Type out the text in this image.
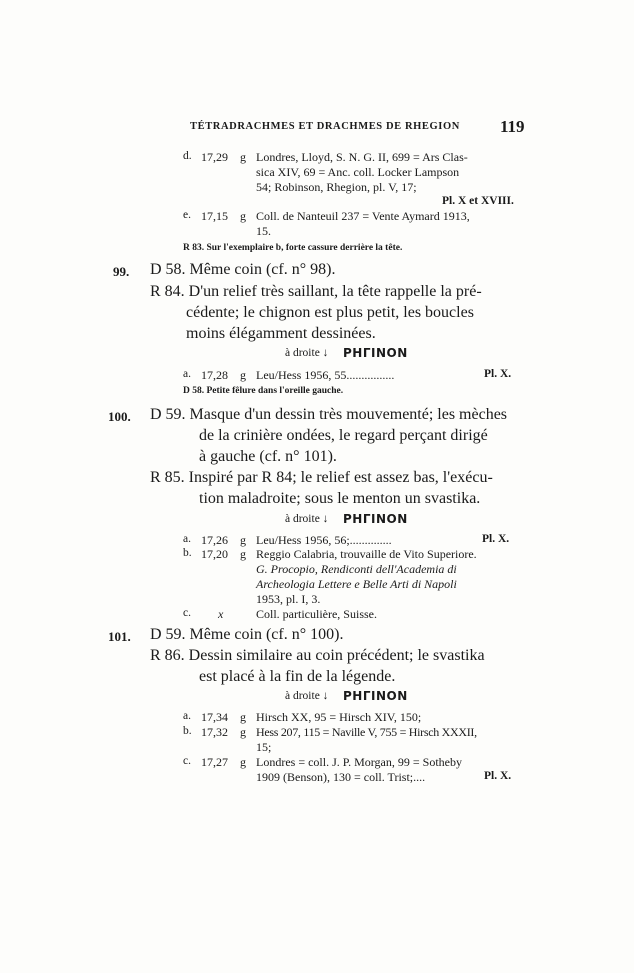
TÉTRADRACHMES ET DRACHMES DE RHEGION 119
d. 17,29 g Londres, Lloyd, S. N. G. II, 699 = Ars Clas-
sica XIV, 69 = Anc. coll. Locker Lampson
54; Robinson, Rhegion, pl. V, 17;
Pl. X et XVIII.
e. 17,15 g Coll. de Nanteuil 237 = Vente Aymard 1913,
15.
R 83. Sur l'exemplaire b, forte cassure derrière la tête.
99. D 58. Même coin (cf. n° 98).
R 84. D'un relief très saillant, la tête rappelle la pré-
cédente; le chignon est plus petit, les boucles
moins élégamment dessinées.
à droite ↓ PHΓINON
a. 17,28 g Leu/Hess 1956, 55................	Pl. X.
D 58. Petite fêlure dans l'oreille gauche.
100. D 59. Masque d'un dessin très mouvementé; les mèches
de la crinière ondées, le regard perçant dirigé
à gauche (cf. n° 101).
R 85. Inspiré par R 84; le relief est assez bas, l'exécu-
tion maladroite; sous le menton un svastika.
à droite ↓ PHΓINON
a. 17,26 g Leu/Hess 1956, 56;..............	Pl. X.
b. 17,20 g Reggio Calabria, trouvaille de Vito Superiore.
G. Procopio, Rendiconti dell'Academia di
Archeologia Lettere e Belle Arti di Napoli
1953, pl. I, 3.
c. x	Coll. particulière, Suisse.
101. D 59. Même coin (cf. n° 100).
R 86. Dessin similaire au coin précédent; le svastika
est placé à la fin de la légende.
à droite ↓ PHΓINON
a. 17,34 g Hirsch XX, 95 = Hirsch XIV, 150;
b. 17,32 g Hess 207, 115 = Naville V, 755 = Hirsch XXXII,
15;
c. 17,27 g Londres = coll. J. P. Morgan, 99 = Sotheby
1909 (Benson), 130 = coll. Trist;....	Pl. X.
